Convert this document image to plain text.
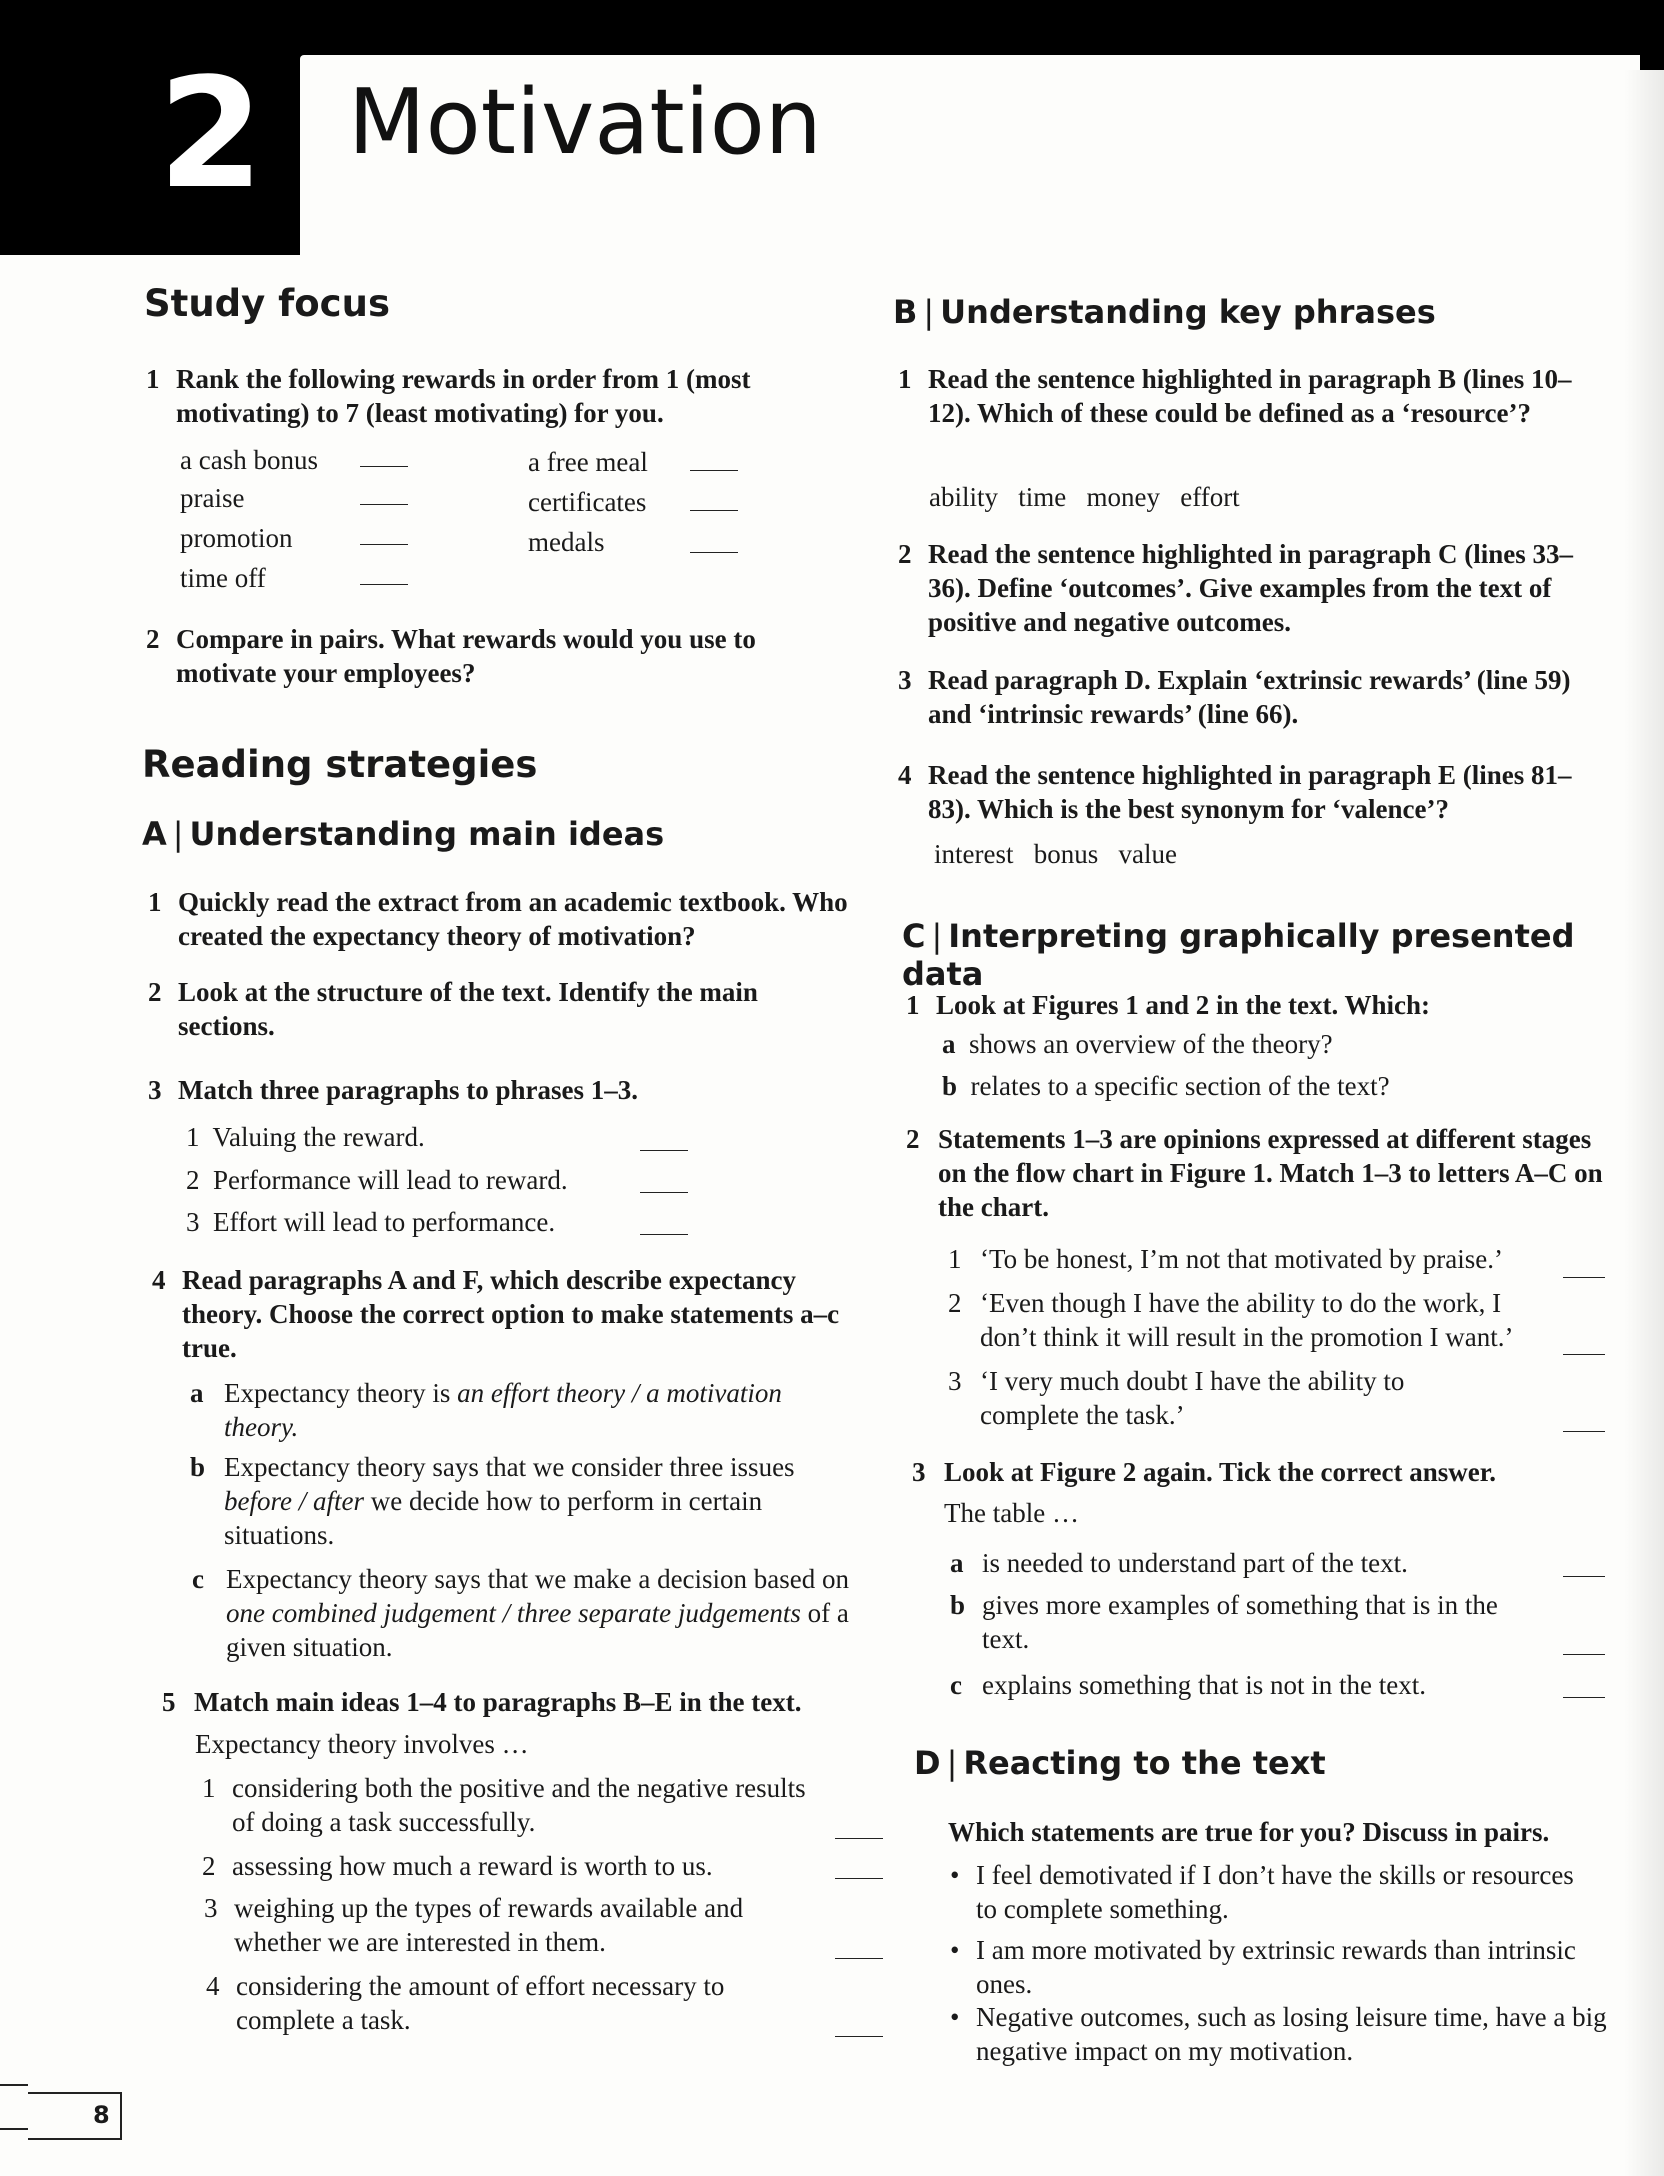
2 Motivation
Study focus
1 Rank the following rewards in order from 1 (most motivating) to 7 (least motivating) for you.
a cash bonus
praise
promotion
time off
a free meal
certificates
medals
2 Compare in pairs. What rewards would you use to motivate your employees?
Reading strategies
A | Understanding main ideas
1 Quickly read the extract from an academic textbook. Who created the expectancy theory of motivation?
2 Look at the structure of the text. Identify the main sections.
3 Match three paragraphs to phrases 1–3.
1 Valuing the reward.
2 Performance will lead to reward.
3 Effort will lead to performance.
4 Read paragraphs A and F, which describe expectancy theory. Choose the correct option to make statements a–c true.
a Expectancy theory is an effort theory / a motivation theory.
b Expectancy theory says that we consider three issues before / after we decide how to perform in certain situations.
c Expectancy theory says that we make a decision based on one combined judgement / three separate judgements of a given situation.
5 Match main ideas 1–4 to paragraphs B–E in the text.
Expectancy theory involves …
1 considering both the positive and the negative results of doing a task successfully.
2 assessing how much a reward is worth to us.
3 weighing up the types of rewards available and whether we are interested in them.
4 considering the amount of effort necessary to complete a task.
B | Understanding key phrases
1 Read the sentence highlighted in paragraph B (lines 10–12). Which of these could be defined as a ‘resource’?
ability   time   money   effort
2 Read the sentence highlighted in paragraph C (lines 33–36). Define ‘outcomes’. Give examples from the text of positive and negative outcomes.
3 Read paragraph D. Explain ‘extrinsic rewards’ (line 59) and ‘intrinsic rewards’ (line 66).
4 Read the sentence highlighted in paragraph E (lines 81–83). Which is the best synonym for ‘valence’?
interest   bonus   value
C | Interpreting graphically presented data
1 Look at Figures 1 and 2 in the text. Which:
a shows an overview of the theory?
b relates to a specific section of the text?
2 Statements 1–3 are opinions expressed at different stages on the flow chart in Figure 1. Match 1–3 to letters A–C on the chart.
1 ‘To be honest, I’m not that motivated by praise.’
2 ‘Even though I have the ability to do the work, I don’t think it will result in the promotion I want.’
3 ‘I very much doubt I have the ability to complete the task.’
3 Look at Figure 2 again. Tick the correct answer.
The table …
a is needed to understand part of the text.
b gives more examples of something that is in the text.
c explains something that is not in the text.
D | Reacting to the text
Which statements are true for you? Discuss in pairs.
• I feel demotivated if I don’t have the skills or resources to complete something.
• I am more motivated by extrinsic rewards than intrinsic ones.
• Negative outcomes, such as losing leisure time, have a big negative impact on my motivation.
8
